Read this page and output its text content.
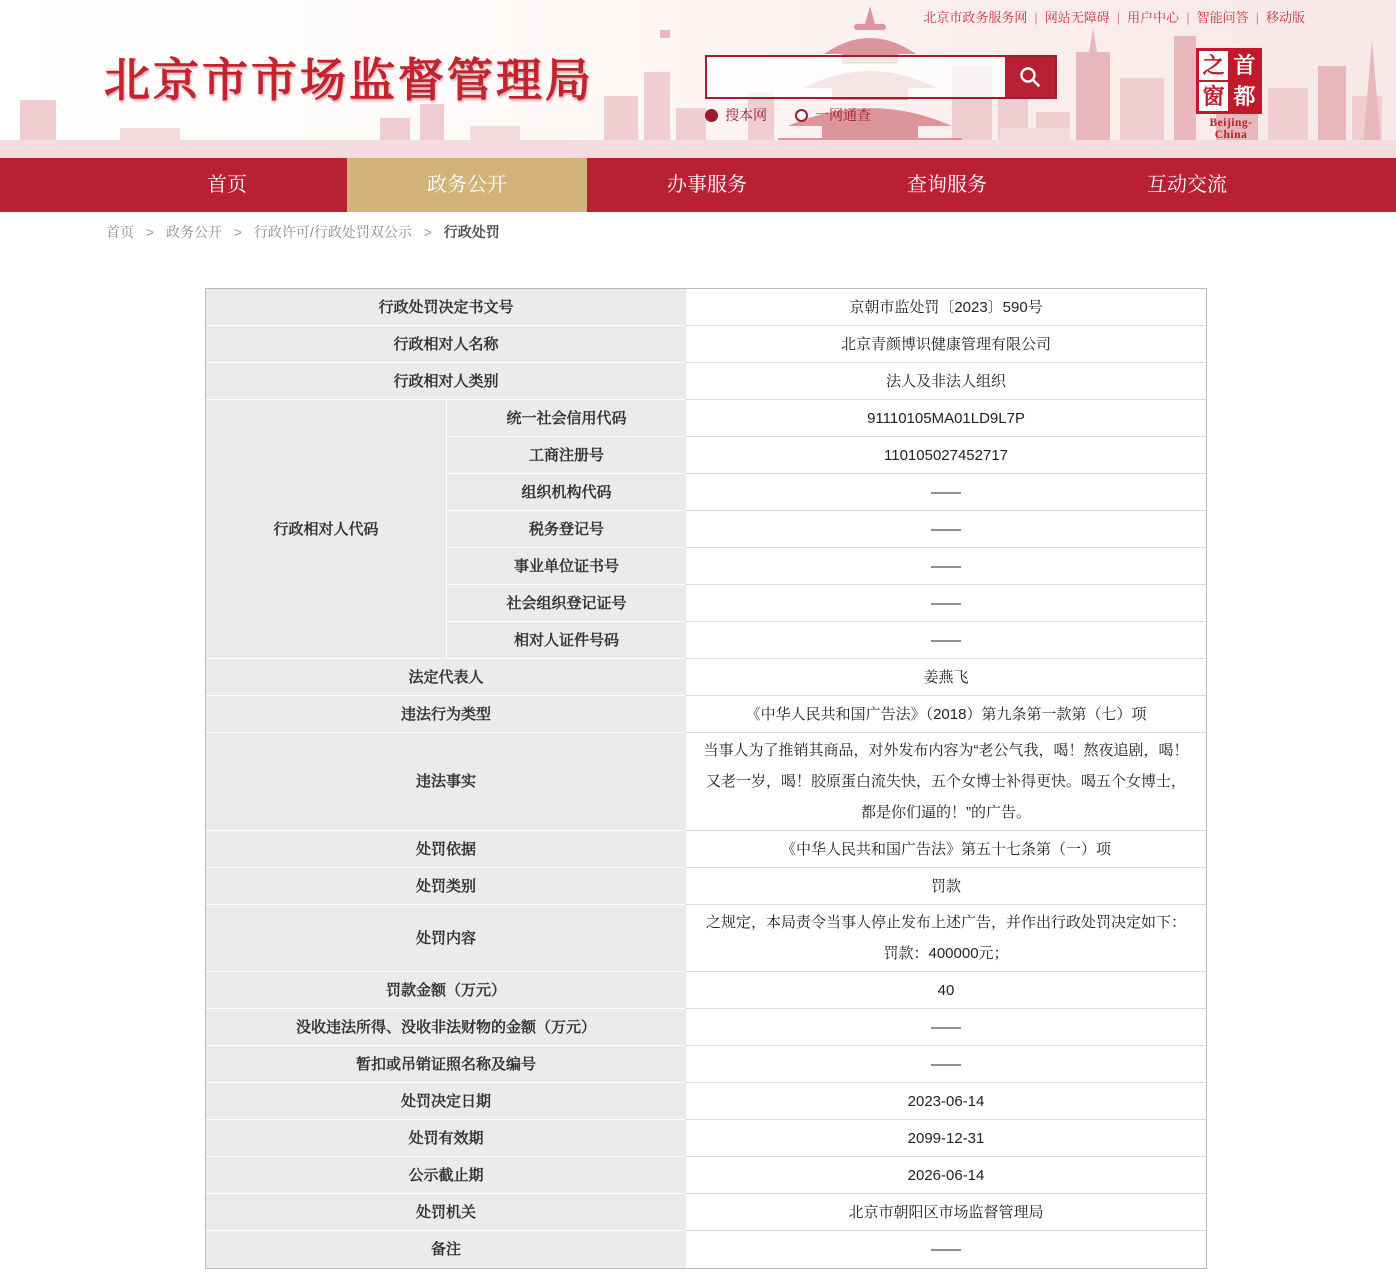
北京市政务服务网 | 网站无障碍 | 用户中心 | 智能问答 | 移动版
北京市市场监督管理局
搜本网	一网通查
之 首
窗 都
Beijing-China
首页	政务公开	办事服务	查询服务	互动交流
首页 > 政务公开 > 行政许可/行政处罚双公示 > 行政处罚
行政处罚决定书文号		京朝市监处罚〔2023〕590号
行政相对人名称		北京青颜博识健康管理有限公司
行政相对人类别		法人及非法人组织
行政相对人代码	统一社会信用代码	91110105MA01LD9L7P
	工商注册号	110105027452717
	组织机构代码	——
	税务登记号	——
	事业单位证书号	——
	社会组织登记证号	——
	相对人证件号码	——
法定代表人		姜燕飞
违法行为类型		《中华人民共和国广告法》（2018）第九条第一款第（七）项
违法事实		当事人为了推销其商品，对外发布内容为“老公气我，喝！熬夜追剧，喝！又老一岁，喝！胶原蛋白流失快，五个女博士补得更快。喝五个女博士，都是你们逼的！”的广告。
处罚依据		《中华人民共和国广告法》第五十七条第（一）项
处罚类别		罚款
处罚内容		之规定，本局责令当事人停止发布上述广告，并作出行政处罚决定如下：罚款：400000元；
罚款金额（万元）		40
没收违法所得、没收非法财物的金额（万元）		——
暂扣或吊销证照名称及编号		——
处罚决定日期		2023-06-14
处罚有效期		2099-12-31
公示截止期		2026-06-14
处罚机关		北京市朝阳区市场监督管理局
备注		——
